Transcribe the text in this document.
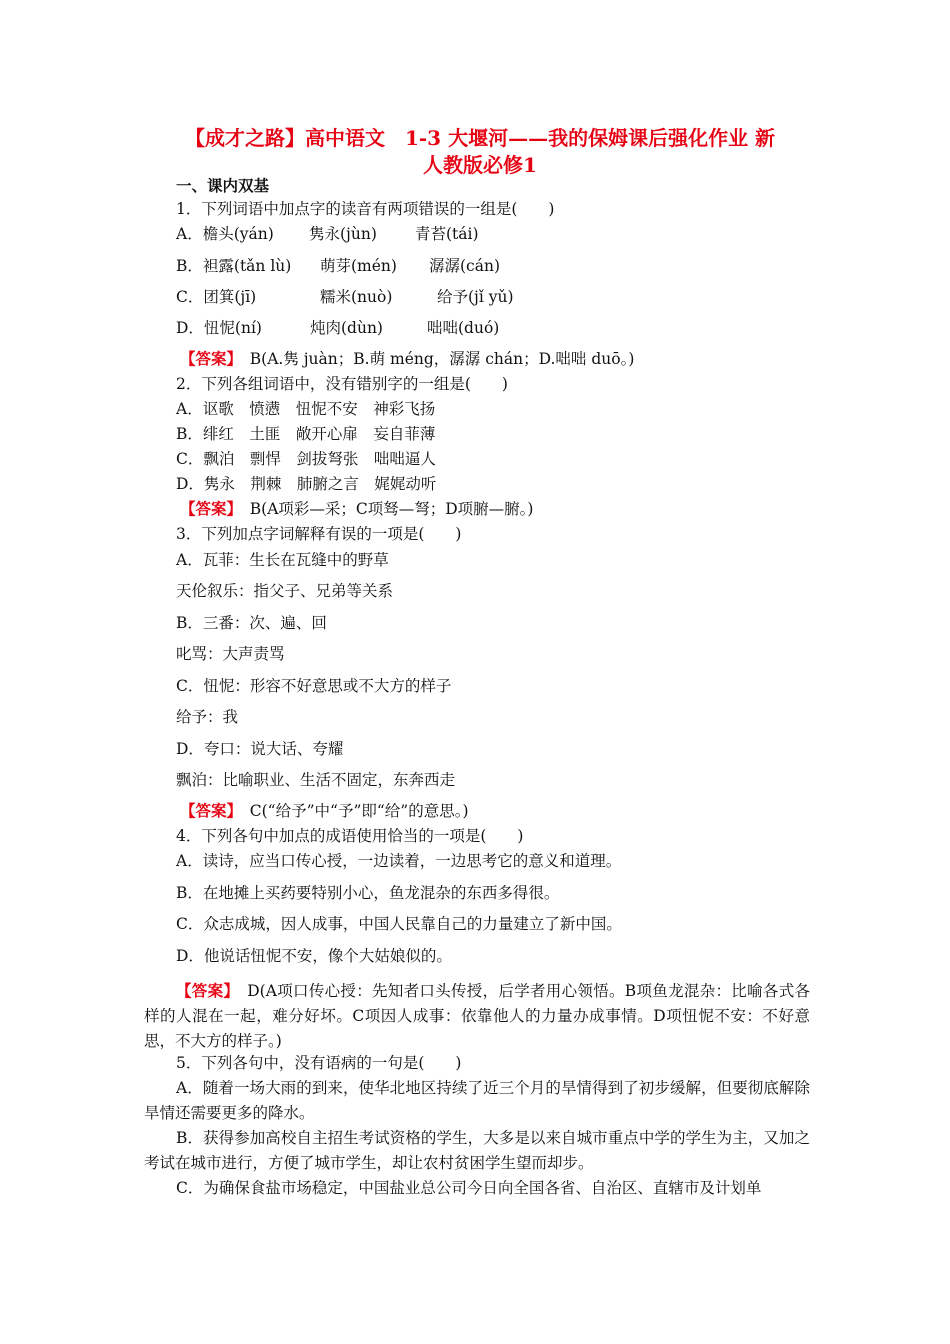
【成才之路】高中语文　1-3 大堰河——我的保姆课后强化作业 新
人教版必修1
一、课内双基
1．下列词语中加点字的读音有两项错误的一组是(　　)
A．檐头(yán) 隽永(jùn) 青苔(tái)
B．袒露(tǎn lù) 萌芽(mén) 潺潺(cán)
C．团箕(jī)	糯米(nuò)	给予(jǐ yǔ)
D．忸怩(ní)	炖肉(dùn)	咄咄(duó)
【答案】　B(A.隽 juàn；B.萌 méng，潺潺 chán；D.咄咄 duō。)
2．下列各组词语中，没有错别字的一组是(　　)
A．讴歌　愤懑　忸怩不安　神彩飞扬
B．绯红　土匪　敞开心扉　妄自菲薄
C．飘泊　剽悍　剑拔弩张　咄咄逼人
D．隽永　荆棘　肺腑之言　娓娓动听
【答案】　B(A项彩—采；C项驽—弩；D项腑—腑。)
3．下列加点字词解释有误的一项是(　　)
A．瓦菲：生长在瓦缝中的野草
天伦叙乐：指父子、兄弟等关系
B．三番：次、遍、回
叱骂：大声责骂
C．忸怩：形容不好意思或不大方的样子
给予：我
D．夸口：说大话、夸耀
飘泊：比喻职业、生活不固定，东奔西走
【答案】　C(“给予”中“予”即“给”的意思。)
4．下列各句中加点的成语使用恰当的一项是(　　)
A．读诗，应当口传心授，一边读着，一边思考它的意义和道理。
B．在地摊上买药要特别小心，鱼龙混杂的东西多得很。
C．众志成城，因人成事，中国人民靠自己的力量建立了新中国。
D．他说话忸怩不安，像个大姑娘似的。
【答案】　D(A项口传心授：先知者口头传授，后学者用心领悟。B项鱼龙混杂：比喻各式各样的人混在一起，难分好坏。C项因人成事：依靠他人的力量办成事情。D项忸怩不安：不好意思，不大方的样子。)
5．下列各句中，没有语病的一句是(　　)
A．随着一场大雨的到来，使华北地区持续了近三个月的旱情得到了初步缓解，但要彻底解除旱情还需要更多的降水。
B．获得参加高校自主招生考试资格的学生，大多是以来自城市重点中学的学生为主，又加之考试在城市进行，方便了城市学生，却让农村贫困学生望而却步。
C．为确保食盐市场稳定，中国盐业总公司今日向全国各省、自治区、直辖市及计划单
